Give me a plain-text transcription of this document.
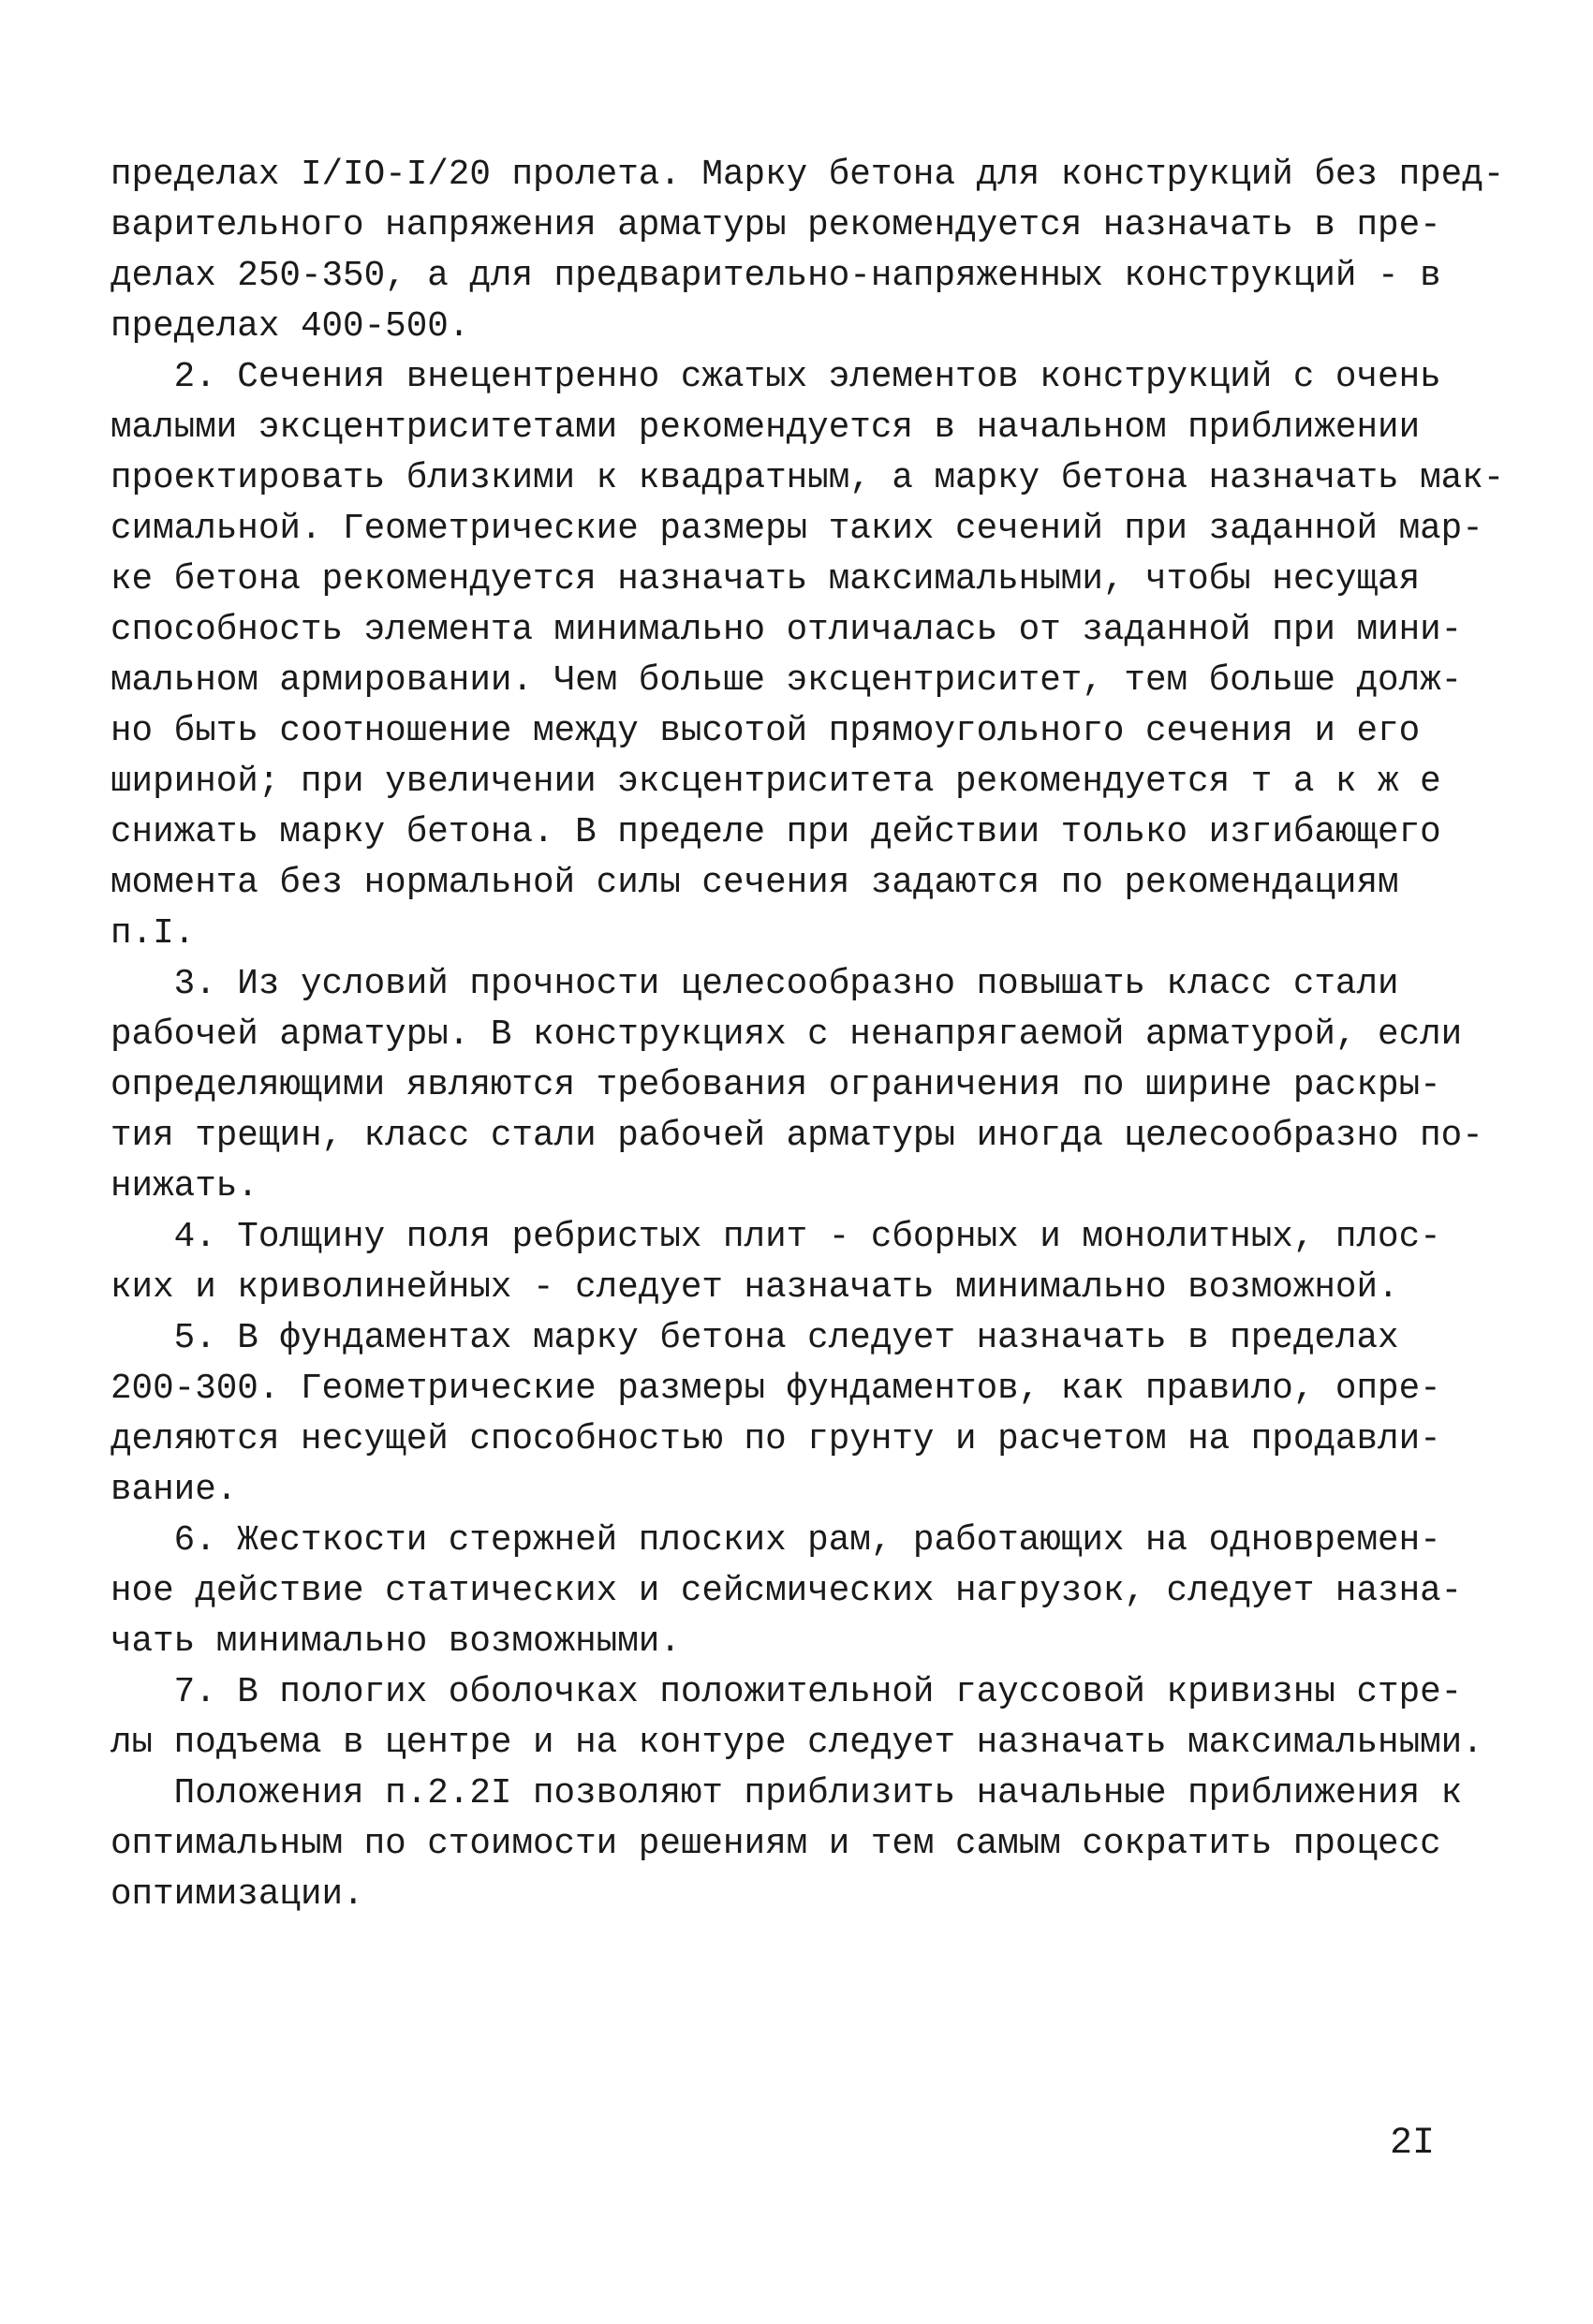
пределах I/IO-I/20 пролета. Марку бетона для конструкций без пред-
варительного напряжения арматуры рекомендуется назначать в пре-
делах 250-350, а для предварительно-напряженных конструкций - в
пределах 400-500.
2. Сечения внецентренно сжатых элементов конструкций с очень
малыми эксцентриситетами рекомендуется в начальном приближении
проектировать близкими к квадратным, а марку бетона назначать мак-
симальной. Геометрические размеры таких сечений при заданной мар-
ке бетона рекомендуется назначать максимальными, чтобы несущая
способность элемента минимально отличалась от заданной при мини-
мальном армировании. Чем больше эксцентриситет, тем больше долж-
но быть соотношение между высотой прямоугольного сечения и его
шириной; при увеличении эксцентриситета рекомендуется т а к ж е
снижать марку бетона. В пределе при действии только изгибающего
момента без нормальной силы сечения задаются по рекомендациям
п.I.
3. Из условий прочности целесообразно повышать класс стали
рабочей арматуры. В конструкциях с ненапрягаемой арматурой, если
определяющими являются требования ограничения по ширине раскры-
тия трещин, класс стали рабочей арматуры иногда целесообразно по-
нижать.
4. Толщину поля ребристых плит - сборных и монолитных, плос-
ких и криволинейных - следует назначать минимально возможной.
5. В фундаментах марку бетона следует назначать в пределах
200-300. Геометрические размеры фундаментов, как правило, опре-
деляются несущей способностью по грунту и расчетом на продавли-
вание.
6. Жесткости стержней плоских рам, работающих на одновремен-
ное действие статических и сейсмических нагрузок, следует назна-
чать минимально возможными.
7. В пологих оболочках положительной гауссовой кривизны стре-
лы подъема в центре и на контуре следует назначать максимальными.
Положения п.2.2I позволяют приблизить начальные приближения к
оптимальным по стоимости решениям и тем самым сократить процесс
оптимизации.
2I
